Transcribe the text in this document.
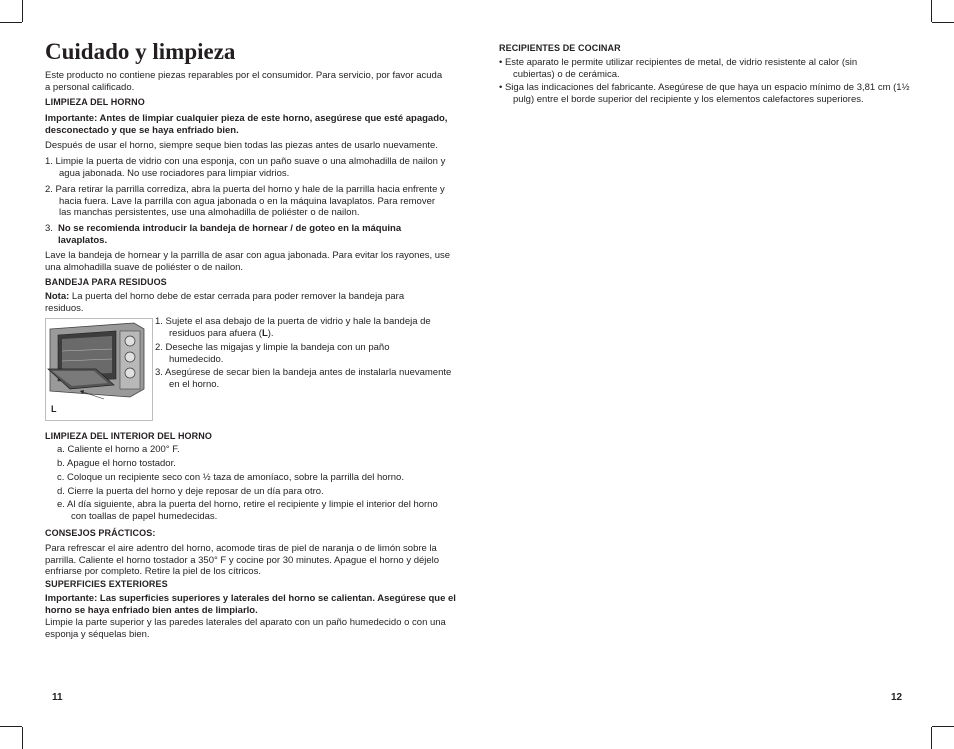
Cuidado y limpieza

Este producto no contiene piezas reparables por el consumidor. Para servicio, por favor acuda a personal calificado.

LIMPIEZA DEL HORNO

Importante: Antes de limpiar cualquier pieza de este horno, asegúrese que esté apagado, desconectado y que se haya enfriado bien.

Después de usar el horno, siempre seque bien todas las piezas antes de usarlo nuevamente.

1. Limpie la puerta de vidrio con una esponja, con un paño suave o una almohadilla de nailon y agua jabonada. No use rociadores para limpiar vidrios.

2. Para retirar la parrilla corrediza, abra la puerta del horno y hale de la parrilla hacia enfrente y hacia fuera. Lave la parrilla con agua jabonada o en la máquina lavaplatos. Para remover las manchas persistentes, use una almohadilla de poliéster o de nailon.

3. No se recomienda introducir la bandeja de hornear / de goteo en la máquina lavaplatos.

Lave la bandeja de hornear y la parrilla de asar con agua jabonada. Para evitar los rayones, use una almohadilla suave de poliéster o de nailon.

BANDEJA PARA RESIDUOS

Nota: La puerta del horno debe de estar cerrada para poder remover la bandeja para residuos.

L

1. Sujete el asa debajo de la puerta de vidrio y hale la bandeja de residuos para afuera (L).

2. Deseche las migajas y limpie la bandeja con un paño humedecido.

3. Asegúrese de secar bien la bandeja antes de instalarla nuevamente en el horno.

LIMPIEZA DEL INTERIOR DEL HORNO

a. Caliente el horno a 200° F.

b. Apague el horno tostador.

c. Coloque un recipiente seco con ½ taza de amoníaco, sobre la parrilla del horno.

d. Cierre la puerta del horno y deje reposar de un día para otro.

e. Al día siguiente, abra la puerta del horno, retire el recipiente y limpie el interior del horno con toallas de papel humedecidas.

CONSEJOS PRÁCTICOS:

Para refrescar el aire adentro del horno, acomode tiras de piel de naranja o de limón sobre la parrilla. Caliente el horno tostador a 350° F y cocine por 30 minutes. Apague el horno y déjelo enfriarse por completo. Retire la piel de los cítricos.

SUPERFICIES EXTERIORES

Importante: Las superficies superiores y laterales del horno se calientan. Asegúrese que el horno se haya enfriado bien antes de limpiarlo.

Limpie la parte superior y las paredes laterales del aparato con un paño humedecido o con una esponja y séquelas bien.

11

RECIPIENTES DE COCINAR

• Este aparato le permite utilizar recipientes de metal, de vidrio resistente al calor (sin cubiertas) o de cerámica.

• Siga las indicaciones del fabricante. Asegúrese de que haya un espacio mínimo de 3,81 cm (1½ pulg) entre el borde superior del recipiente y los elementos calefactores superiores.

12
